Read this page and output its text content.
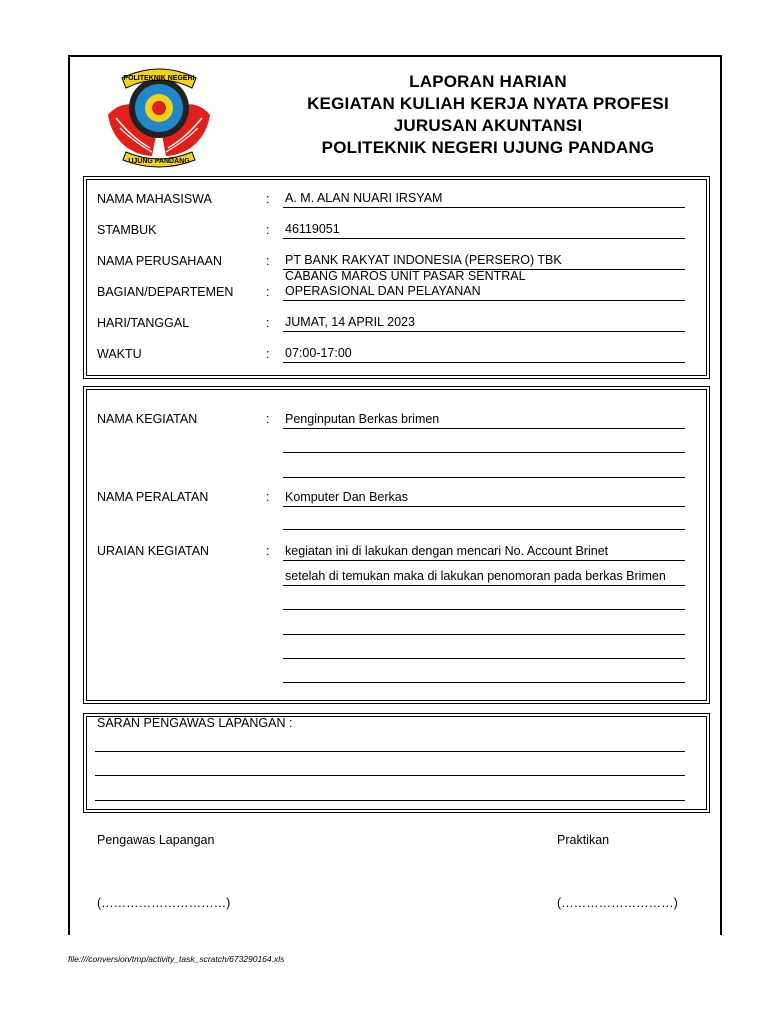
POLITEKNIK NEGERI
UJUNG PANDANG
LAPORAN HARIAN
KEGIATAN KULIAH KERJA NYATA PROFESI
JURUSAN AKUNTANSI
POLITEKNIK NEGERI UJUNG PANDANG
NAMA MAHASISWA	: A. M. ALAN NUARI IRSYAM
STAMBUK	: 46119051
NAMA PERUSAHAAN	: PT BANK RAKYAT INDONESIA (PERSERO) TBK
CABANG MAROS UNIT PASAR SENTRAL
BAGIAN/DEPARTEMEN	: OPERASIONAL DAN PELAYANAN
HARI/TANGGAL	: JUMAT, 14 APRIL 2023
WAKTU	: 07:00-17:00
NAMA KEGIATAN	: Penginputan Berkas brimen
NAMA PERALATAN	: Komputer Dan Berkas
URAIAN KEGIATAN	: kegiatan ini di lakukan dengan mencari No. Account Brinet
setelah di temukan maka di lakukan penomoran pada berkas Brimen
SARAN PENGAWAS LAPANGAN :
Pengawas Lapangan	Praktikan
(…………………………)	(………………………)
file:///conversion/tmp/activity_task_scratch/673290164.xls
